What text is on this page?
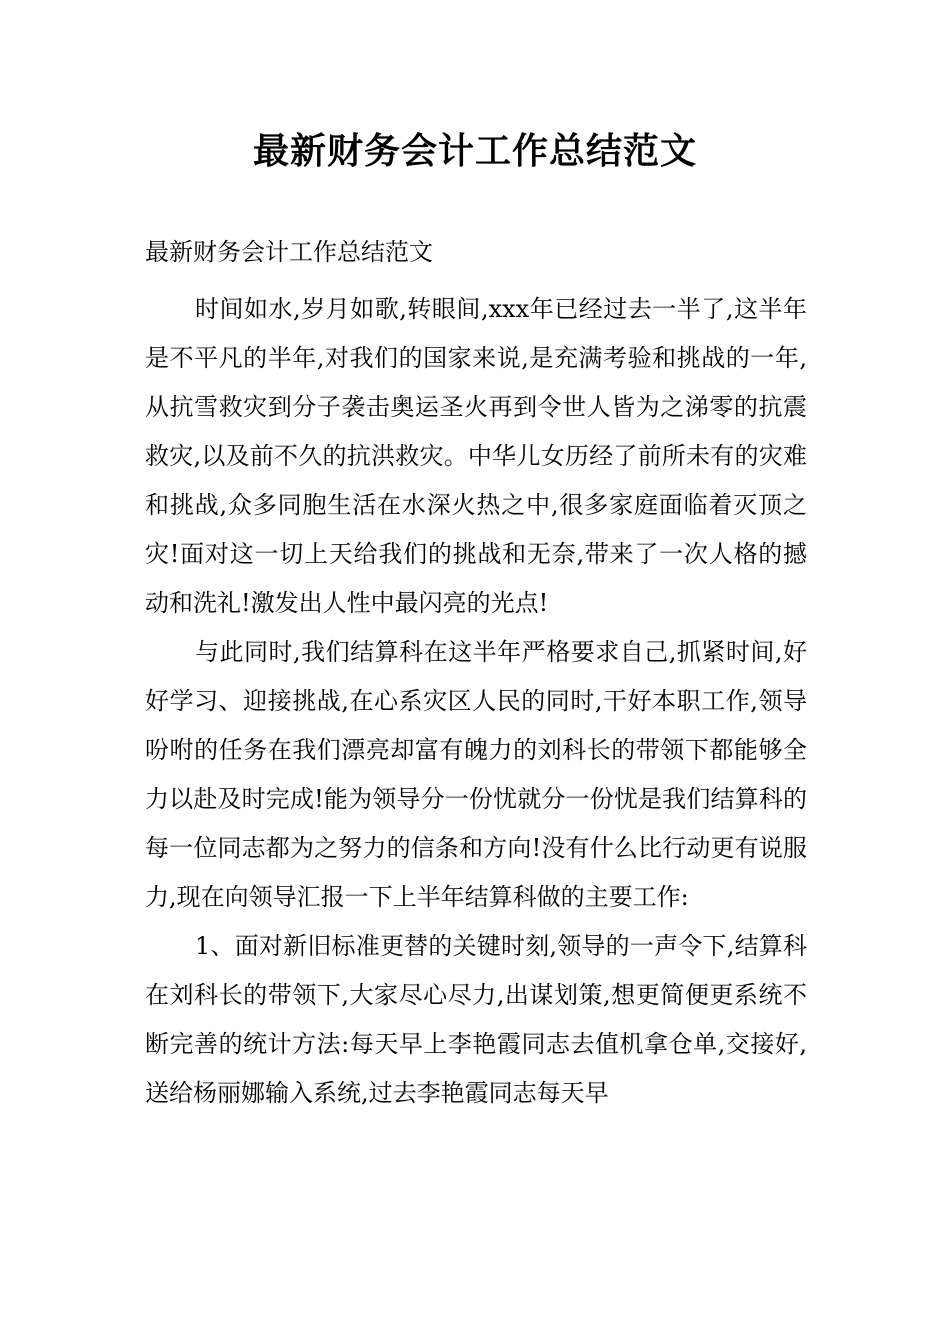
最新财务会计工作总结范文

最新财务会计工作总结范文

时间如水,岁月如歌,转眼间,xxx年已经过去一半了,这半年是不平凡的半年,对我们的国家来说,是充满考验和挑战的一年,从抗雪救灾到分子袭击奥运圣火再到令世人皆为之涕零的抗震救灾,以及前不久的抗洪救灾。中华儿女历经了前所未有的灾难和挑战,众多同胞生活在水深火热之中,很多家庭面临着灭顶之灾!面对这一切上天给我们的挑战和无奈,带来了一次人格的撼动和洗礼!激发出人性中最闪亮的光点!

与此同时,我们结算科在这半年严格要求自己,抓紧时间,好好学习、迎接挑战,在心系灾区人民的同时,干好本职工作,领导吩咐的任务在我们漂亮却富有魄力的刘科长的带领下都能够全力以赴及时完成!能为领导分一份忧就分一份忧是我们结算科的每一位同志都为之努力的信条和方向!没有什么比行动更有说服力,现在向领导汇报一下上半年结算科做的主要工作:

1、面对新旧标准更替的关键时刻,领导的一声令下,结算科在刘科长的带领下,大家尽心尽力,出谋划策,想更简便更系统不断完善的统计方法:每天早上李艳霞同志去值机拿仓单,交接好,送给杨丽娜输入系统,过去李艳霞同志每天早
